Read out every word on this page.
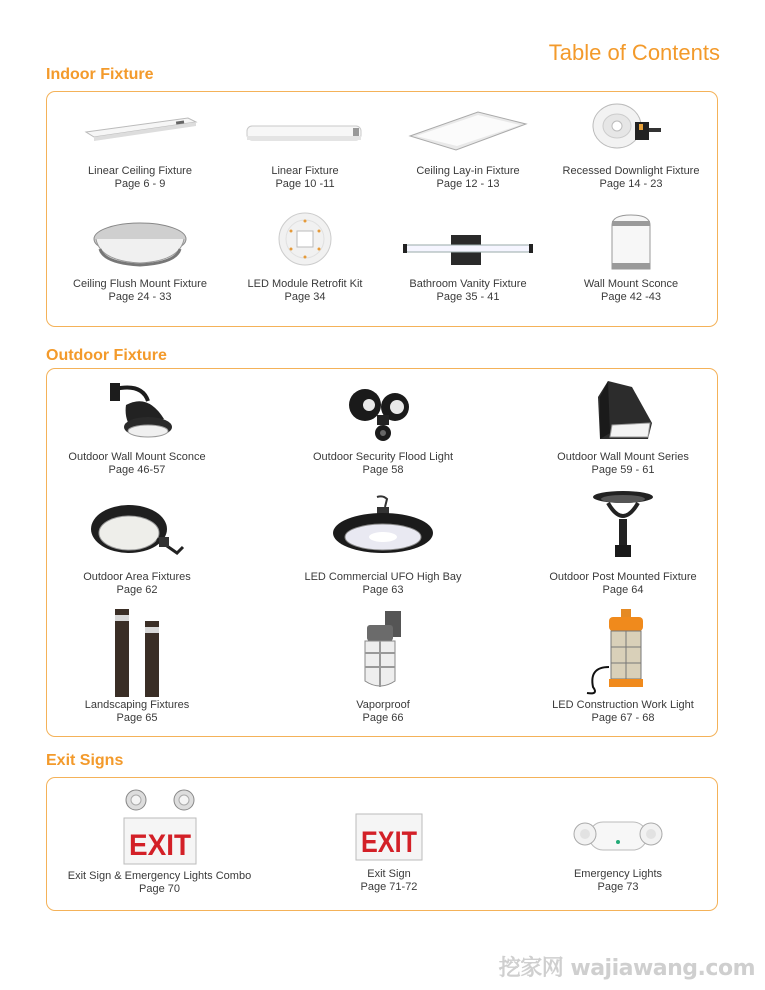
Table of Contents
Indoor Fixture
Linear Ceiling Fixture
Page 6 - 9
Linear Fixture
Page 10 -11
Ceiling Lay-in Fixture
Page 12 - 13
Recessed Downlight Fixture
Page 14 - 23
Ceiling Flush Mount Fixture
Page 24 - 33
LED Module Retrofit Kit
Page 34
Bathroom Vanity Fixture
Page 35 - 41
Wall Mount Sconce
Page 42 -43
Outdoor Fixture
Outdoor Wall Mount Sconce
Page 46-57
Outdoor Security Flood Light
Page 58
Outdoor Wall Mount Series
Page 59 - 61
Outdoor Area Fixtures
Page 62
LED Commercial UFO High Bay
Page 63
Outdoor Post Mounted Fixture
Page 64
Landscaping Fixtures
Page 65
Vaporproof
Page 66
LED Construction Work Light
Page 67 - 68
Exit Signs
EXIT
Exit Sign & Emergency Lights Combo
Page 70
EXIT
Exit Sign
Page 71-72
Emergency Lights
Page 73
挖家网 wajiawang.com
